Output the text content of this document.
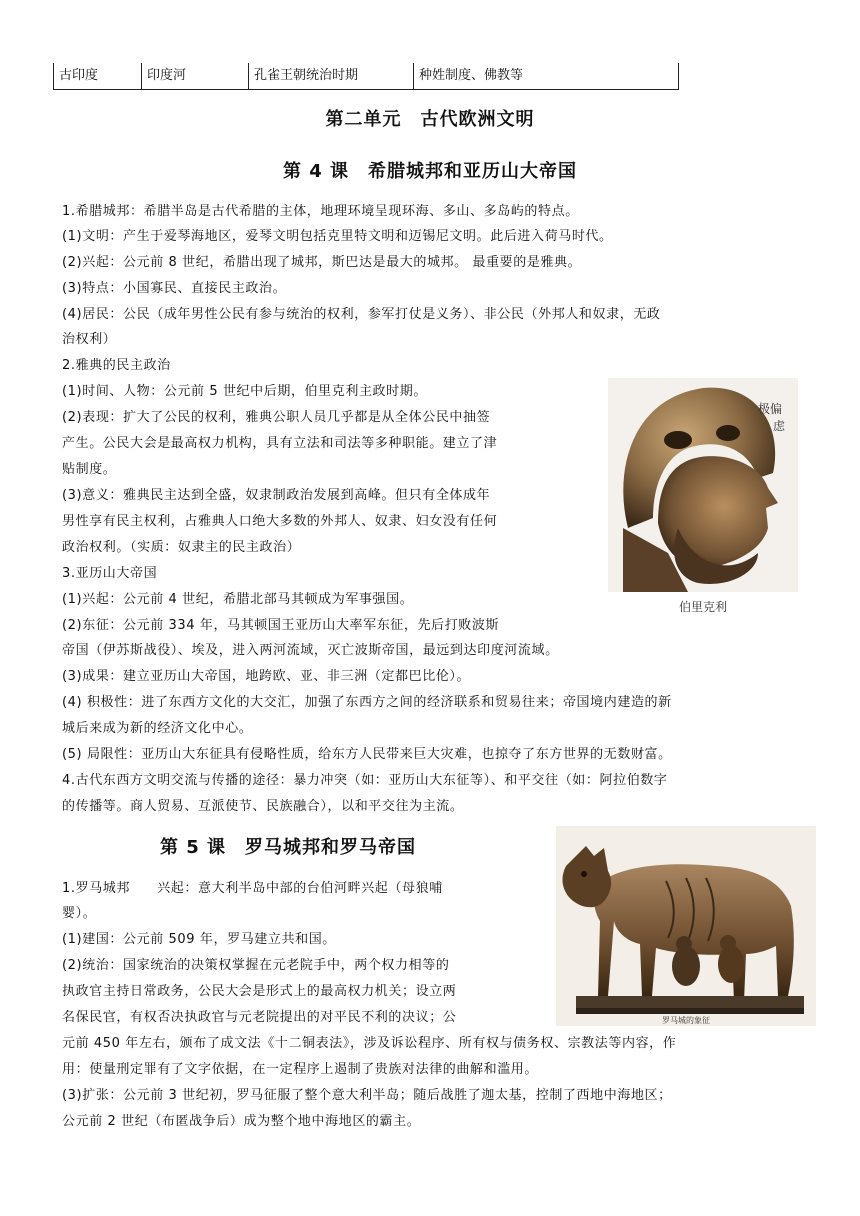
古印度	印度河	孔雀王朝统治时期	种姓制度、佛教等
第二单元　古代欧洲文明
第 4 课　希腊城邦和亚历山大帝国
1.希腊城邦：希腊半岛是古代希腊的主体，地理环境呈现环海、多山、多岛屿的特点。
(1)文明：产生于爱琴海地区，爱琴文明包括克里特文明和迈锡尼文明。此后进入荷马时代。
(2)兴起：公元前 8 世纪，希腊出现了城邦，斯巴达是最大的城邦。 最重要的是雅典。
(3)特点：小国寡民、直接民主政治。
(4)居民：公民（成年男性公民有参与统治的权利，参军打仗是义务）、非公民（外邦人和奴隶，无政
治权利）
2.雅典的民主政治
(1)时间、人物：公元前 5 世纪中后期，伯里克利主政时期。
(2)表现：扩大了公民的权利，雅典公职人员几乎都是从全体公民中抽签
产生。公民大会是最高权力机构，具有立法和司法等多种职能。建立了津
贴制度。
(3)意义：雅典民主达到全盛，奴隶制政治发展到高峰。但只有全体成年
男性享有民主权利，占雅典人口绝大多数的外邦人、奴隶、妇女没有任何
政治权利。（实质：奴隶主的民主政治）
3.亚历山大帝国
(1)兴起：公元前 4 世纪，希腊北部马其顿成为军事强国。
(2)东征：公元前 334 年，马其顿国王亚历山大率军东征，先后打败波斯
帝国（伊苏斯战役）、埃及，进入两河流域，灭亡波斯帝国，最远到达印度河流域。
(3)成果：建立亚历山大帝国，地跨欧、亚、非三洲（定都巴比伦）。
(4) 积极性：进了东西方文化的大交汇，加强了东西方之间的经济联系和贸易往来；帝国境内建造的新
城后来成为新的经济文化中心。
(5) 局限性：亚历山大东征具有侵略性质，给东方人民带来巨大灾难，也掠夺了东方世界的无数财富。
4.古代东西方文明交流与传播的途径：暴力冲突（如：亚历山大东征等）、和平交往（如：阿拉伯数字
的传播等。商人贸易、互派使节、民族融合），以和平交往为主流。
极偏
虑
伯里克利
第 5 课　罗马城邦和罗马帝国
1.罗马城邦　　兴起：意大利半岛中部的台伯河畔兴起（母狼哺
婴）。
(1)建国：公元前 509 年，罗马建立共和国。
(2)统治：国家统治的决策权掌握在元老院手中，两个权力相等的
执政官主持日常政务，公民大会是形式上的最高权力机关；设立两
名保民官，有权否决执政官与元老院提出的对平民不利的决议；公
元前 450 年左右，颁布了成文法《十二铜表法》，涉及诉讼程序、所有权与债务权、宗教法等内容，作
用：使量刑定罪有了文字依据，在一定程序上遏制了贵族对法律的曲解和滥用。
(3)扩张：公元前 3 世纪初，罗马征服了整个意大利半岛；随后战胜了迦太基，控制了西地中海地区；
公元前 2 世纪（布匿战争后）成为整个地中海地区的霸主。
罗马城的象征
